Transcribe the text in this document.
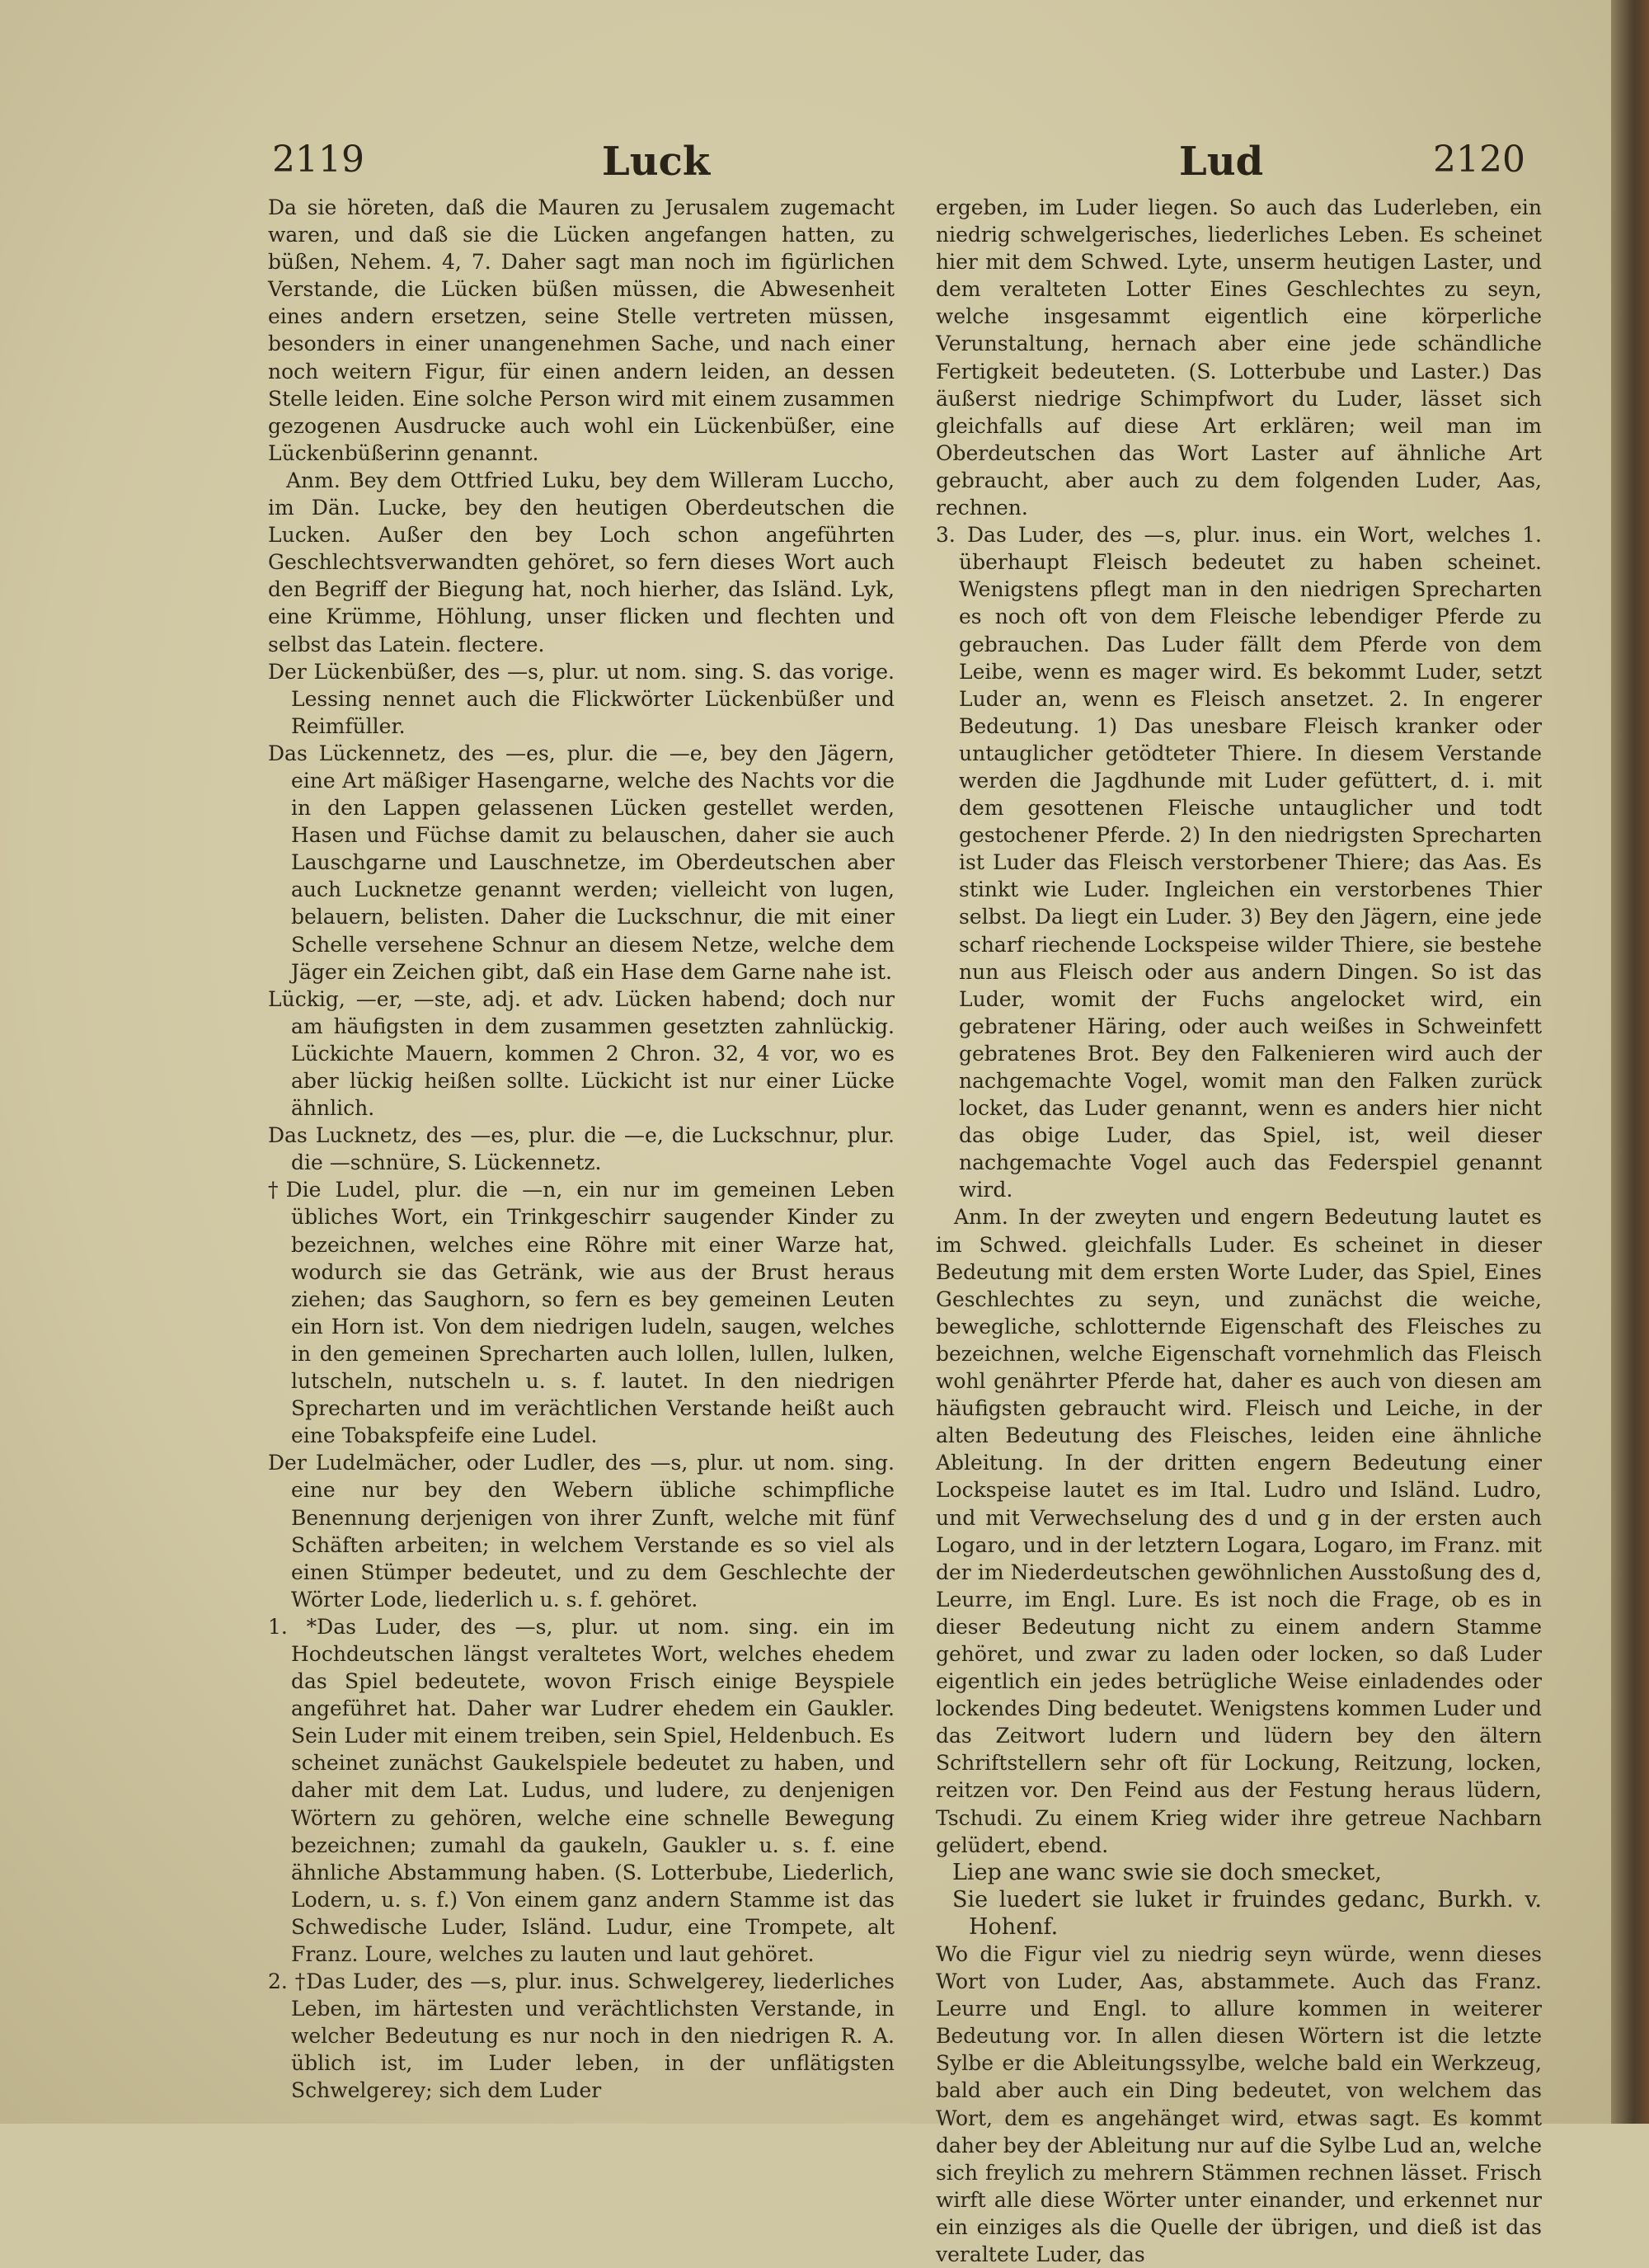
2119	Luck	Lud	2120

Da sie höreten, daß die Mauren zu Jerusalem zugemacht waren, und daß sie die Lücken angefangen hatten, zu büßen, Nehem. 4, 7. Daher sagt man noch im figürlichen Verstande, die Lücken büßen müssen, die Abwesenheit eines andern ersetzen, seine Stelle vertreten müssen, besonders in einer unangenehmen Sache, und nach einer noch weitern Figur, für einen andern leiden, an dessen Stelle leiden. Eine solche Person wird mit einem zusammen gezogenen Ausdrucke auch wohl ein Lückenbüßer, eine Lückenbüßerinn genannt.

Anm. Bey dem Ottfried Luku, bey dem Willeram Luccho, im Dän. Lucke, bey den heutigen Oberdeutschen die Lucken. Außer den bey Loch schon angeführten Geschlechtsverwandten gehöret, so fern dieses Wort auch den Begriff der Biegung hat, noch hierher, das Isländ. Lyk, eine Krümme, Höhlung, unser flicken und flechten und selbst das Latein. flectere.

Der Lückenbüßer, des —s, plur. ut nom. sing. S. das vorige. Lessing nennet auch die Flickwörter Lückenbüßer und Reimfüller.

Das Lückennetz, des —es, plur. die —e, bey den Jägern, eine Art mäßiger Hasengarne, welche des Nachts vor die in den Lappen gelassenen Lücken gestellet werden, Hasen und Füchse damit zu belauschen, daher sie auch Lauschgarne und Lauschnetze, im Oberdeutschen aber auch Lucknetze genannt werden; vielleicht von lugen, belauern, belisten. Daher die Luckschnur, die mit einer Schelle versehene Schnur an diesem Netze, welche dem Jäger ein Zeichen gibt, daß ein Hase dem Garne nahe ist.

Lückig, —er, —ste, adj. et adv. Lücken habend; doch nur am häufigsten in dem zusammen gesetzten zahnlückig. Lückichte Mauern, kommen 2 Chron. 32, 4 vor, wo es aber lückig heißen sollte. Lückicht ist nur einer Lücke ähnlich.

Das Lucknetz, des —es, plur. die —e, die Luckschnur, plur. die —schnüre, S. Lückennetz.

†Die Ludel, plur. die —n, ein nur im gemeinen Leben übliches Wort, ein Trinkgeschirr saugender Kinder zu bezeichnen, welches eine Röhre mit einer Warze hat, wodurch sie das Getränk, wie aus der Brust heraus ziehen; das Saughorn, so fern es bey gemeinen Leuten ein Horn ist. Von dem niedrigen ludeln, saugen, welches in den gemeinen Sprecharten auch lollen, lullen, lulken, lutscheln, nutscheln u. s. f. lautet. In den niedrigen Sprecharten und im verächtlichen Verstande heißt auch eine Tobakspfeife eine Ludel.

Der Ludelmächer, oder Ludler, des —s, plur. ut nom. sing. eine nur bey den Webern übliche schimpfliche Benennung derjenigen von ihrer Zunft, welche mit fünf Schäften arbeiten; in welchem Verstande es so viel als einen Stümper bedeutet, und zu dem Geschlechte der Wörter Lode, liederlich u. s. f. gehöret.

1. *Das Luder, des —s, plur. ut nom. sing. ein im Hochdeutschen längst veraltetes Wort, welches ehedem das Spiel bedeutete, wovon Frisch einige Beyspiele angeführet hat. Daher war Ludrer ehedem ein Gaukler. Sein Luder mit einem treiben, sein Spiel, Heldenbuch. Es scheinet zunächst Gaukelspiele bedeutet zu haben, und daher mit dem Lat. Ludus, und ludere, zu denjenigen Wörtern zu gehören, welche eine schnelle Bewegung bezeichnen; zumahl da gaukeln, Gaukler u. s. f. eine ähnliche Abstammung haben. (S. Lotterbube, Liederlich, Lodern, u. s. f.) Von einem ganz andern Stamme ist das Schwedische Luder, Isländ. Ludur, eine Trompete, alt Franz. Loure, welches zu lauten und laut gehöret.

2. †Das Luder, des —s, plur. inus. Schwelgerey, liederliches Leben, im härtesten und verächtlichsten Verstande, in welcher Bedeutung es nur noch in den niedrigen R. A. üblich ist, im Luder leben, in der unflätigsten Schwelgerey; sich dem Luder

ergeben, im Luder liegen. So auch das Luderleben, ein niedrig schwelgerisches, liederliches Leben. Es scheinet hier mit dem Schwed. Lyte, unserm heutigen Laster, und dem veralteten Lotter Eines Geschlechtes zu seyn, welche insgesammt eigentlich eine körperliche Verunstaltung, hernach aber eine jede schändliche Fertigkeit bedeuteten. (S. Lotterbube und Laster.) Das äußerst niedrige Schimpfwort du Luder, lässet sich gleichfalls auf diese Art erklären; weil man im Oberdeutschen das Wort Laster auf ähnliche Art gebraucht, aber auch zu dem folgenden Luder, Aas, rechnen.

3. Das Luder, des —s, plur. inus. ein Wort, welches 1. überhaupt Fleisch bedeutet zu haben scheinet. Wenigstens pflegt man in den niedrigen Sprecharten es noch oft von dem Fleische lebendiger Pferde zu gebrauchen. Das Luder fällt dem Pferde von dem Leibe, wenn es mager wird. Es bekommt Luder, setzt Luder an, wenn es Fleisch ansetzet. 2. In engerer Bedeutung. 1) Das unesbare Fleisch kranker oder untauglicher getödteter Thiere. In diesem Verstande werden die Jagdhunde mit Luder gefüttert, d. i. mit dem gesottenen Fleische untauglicher und todt gestochener Pferde. 2) In den niedrigsten Sprecharten ist Luder das Fleisch verstorbener Thiere; das Aas. Es stinkt wie Luder. Ingleichen ein verstorbenes Thier selbst. Da liegt ein Luder. 3) Bey den Jägern, eine jede scharf riechende Lockspeise wilder Thiere, sie bestehe nun aus Fleisch oder aus andern Dingen. So ist das Luder, womit der Fuchs angelocket wird, ein gebratener Häring, oder auch weißes in Schweinfett gebratenes Brot. Bey den Falkenieren wird auch der nachgemachte Vogel, womit man den Falken zurück locket, das Luder genannt, wenn es anders hier nicht das obige Luder, das Spiel, ist, weil dieser nachgemachte Vogel auch das Federspiel genannt wird.

Anm. In der zweyten und engern Bedeutung lautet es im Schwed. gleichfalls Luder. Es scheinet in dieser Bedeutung mit dem ersten Worte Luder, das Spiel, Eines Geschlechtes zu seyn, und zunächst die weiche, bewegliche, schlotternde Eigenschaft des Fleisches zu bezeichnen, welche Eigenschaft vornehmlich das Fleisch wohl genährter Pferde hat, daher es auch von diesen am häufigsten gebraucht wird. Fleisch und Leiche, in der alten Bedeutung des Fleisches, leiden eine ähnliche Ableitung. In der dritten engern Bedeutung einer Lockspeise lautet es im Ital. Ludro und Isländ. Ludro, und mit Verwechselung des d und g in der ersten auch Logaro, und in der letztern Logara, Logaro, im Franz. mit der im Niederdeutschen gewöhnlichen Ausstoßung des d, Leurre, im Engl. Lure. Es ist noch die Frage, ob es in dieser Bedeutung nicht zu einem andern Stamme gehöret, und zwar zu laden oder locken, so daß Luder eigentlich ein jedes betrügliche Weise einladendes oder lockendes Ding bedeutet. Wenigstens kommen Luder und das Zeitwort ludern und lüdern bey den ältern Schriftstellern sehr oft für Lockung, Reitzung, locken, reitzen vor. Den Feind aus der Festung heraus lüdern, Tschudi. Zu einem Krieg wider ihre getreue Nachbarn gelüdert, ebend.

Liep ane wanc swie sie doch smecket,

Sie luedert sie luket ir fruindes gedanc, Burkh. v. Hohenf.

Wo die Figur viel zu niedrig seyn würde, wenn dieses Wort von Luder, Aas, abstammete. Auch das Franz. Leurre und Engl. to allure kommen in weiterer Bedeutung vor. In allen diesen Wörtern ist die letzte Sylbe er die Ableitungssylbe, welche bald ein Werkzeug, bald aber auch ein Ding bedeutet, von welchem das Wort, dem es angehänget wird, etwas sagt. Es kommt daher bey der Ableitung nur auf die Sylbe Lud an, welche sich freylich zu mehrern Stämmen rechnen lässet. Frisch wirft alle diese Wörter unter einander, und erkennet nur ein einziges als die Quelle der übrigen, und dieß ist das veraltete Luder, das
